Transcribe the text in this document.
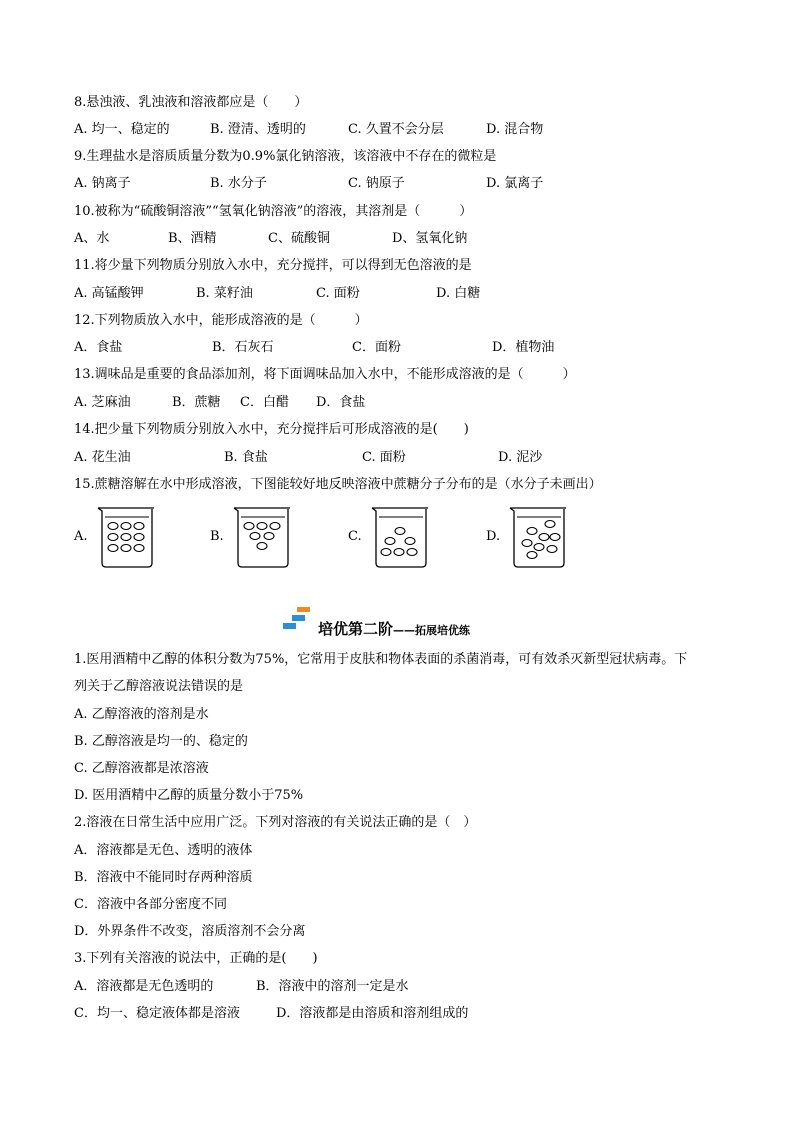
8.悬浊液、乳浊液和溶液都应是（　　）
A. 均一、稳定的	B. 澄清、透明的	C. 久置不会分层	D. 混合物
9.生理盐水是溶质质量分数为0.9%氯化钠溶液，该溶液中不存在的微粒是
A. 钠离子	B. 水分子	C. 钠原子	D. 氯离子
10.被称为“硫酸铜溶液”“氢氧化钠溶液”的溶液，其溶剂是（　　　）
A、水	B、酒精	C、硫酸铜	D、氢氧化钠
11.将少量下列物质分别放入水中，充分搅拌，可以得到无色溶液的是
A. 高锰酸钾	B. 菜籽油	C. 面粉	D. 白糖
12.下列物质放入水中，能形成溶液的是（　　　）
A．食盐	B．石灰石	C．面粉	D．植物油
13.调味品是重要的食品添加剂，将下面调味品加入水中，不能形成溶液的是（　　　）
A. 芝麻油	B．蔗糖 C．白醋 D．食盐
14.把少量下列物质分别放入水中，充分搅拌后可形成溶液的是(　　)
A. 花生油	B. 食盐	C. 面粉	D. 泥沙
15.蔗糖溶解在水中形成溶液，下图能较好地反映溶液中蔗糖分子分布的是（水分子未画出）
A.	B.	C.	D.
培优第二阶——拓展培优练
1.医用酒精中乙醇的体积分数为75%，它常用于皮肤和物体表面的杀菌消毒，可有效杀灭新型冠状病毒。下
列关于乙醇溶液说法错误的是
A. 乙醇溶液的溶剂是水
B. 乙醇溶液是均一的、稳定的
C. 乙醇溶液都是浓溶液
D. 医用酒精中乙醇的质量分数小于75%
2.溶液在日常生活中应用广泛。下列对溶液的有关说法正确的是（　）
A．溶液都是无色、透明的液体
B．溶液中不能同时存两种溶质
C．溶液中各部分密度不同
D．外界条件不改变，溶质溶剂不会分离
3.下列有关溶液的说法中，正确的是(　　)
A．溶液都是无色透明的	B．溶液中的溶剂一定是水
C．均一、稳定液体都是溶液	D．溶液都是由溶质和溶剂组成的
